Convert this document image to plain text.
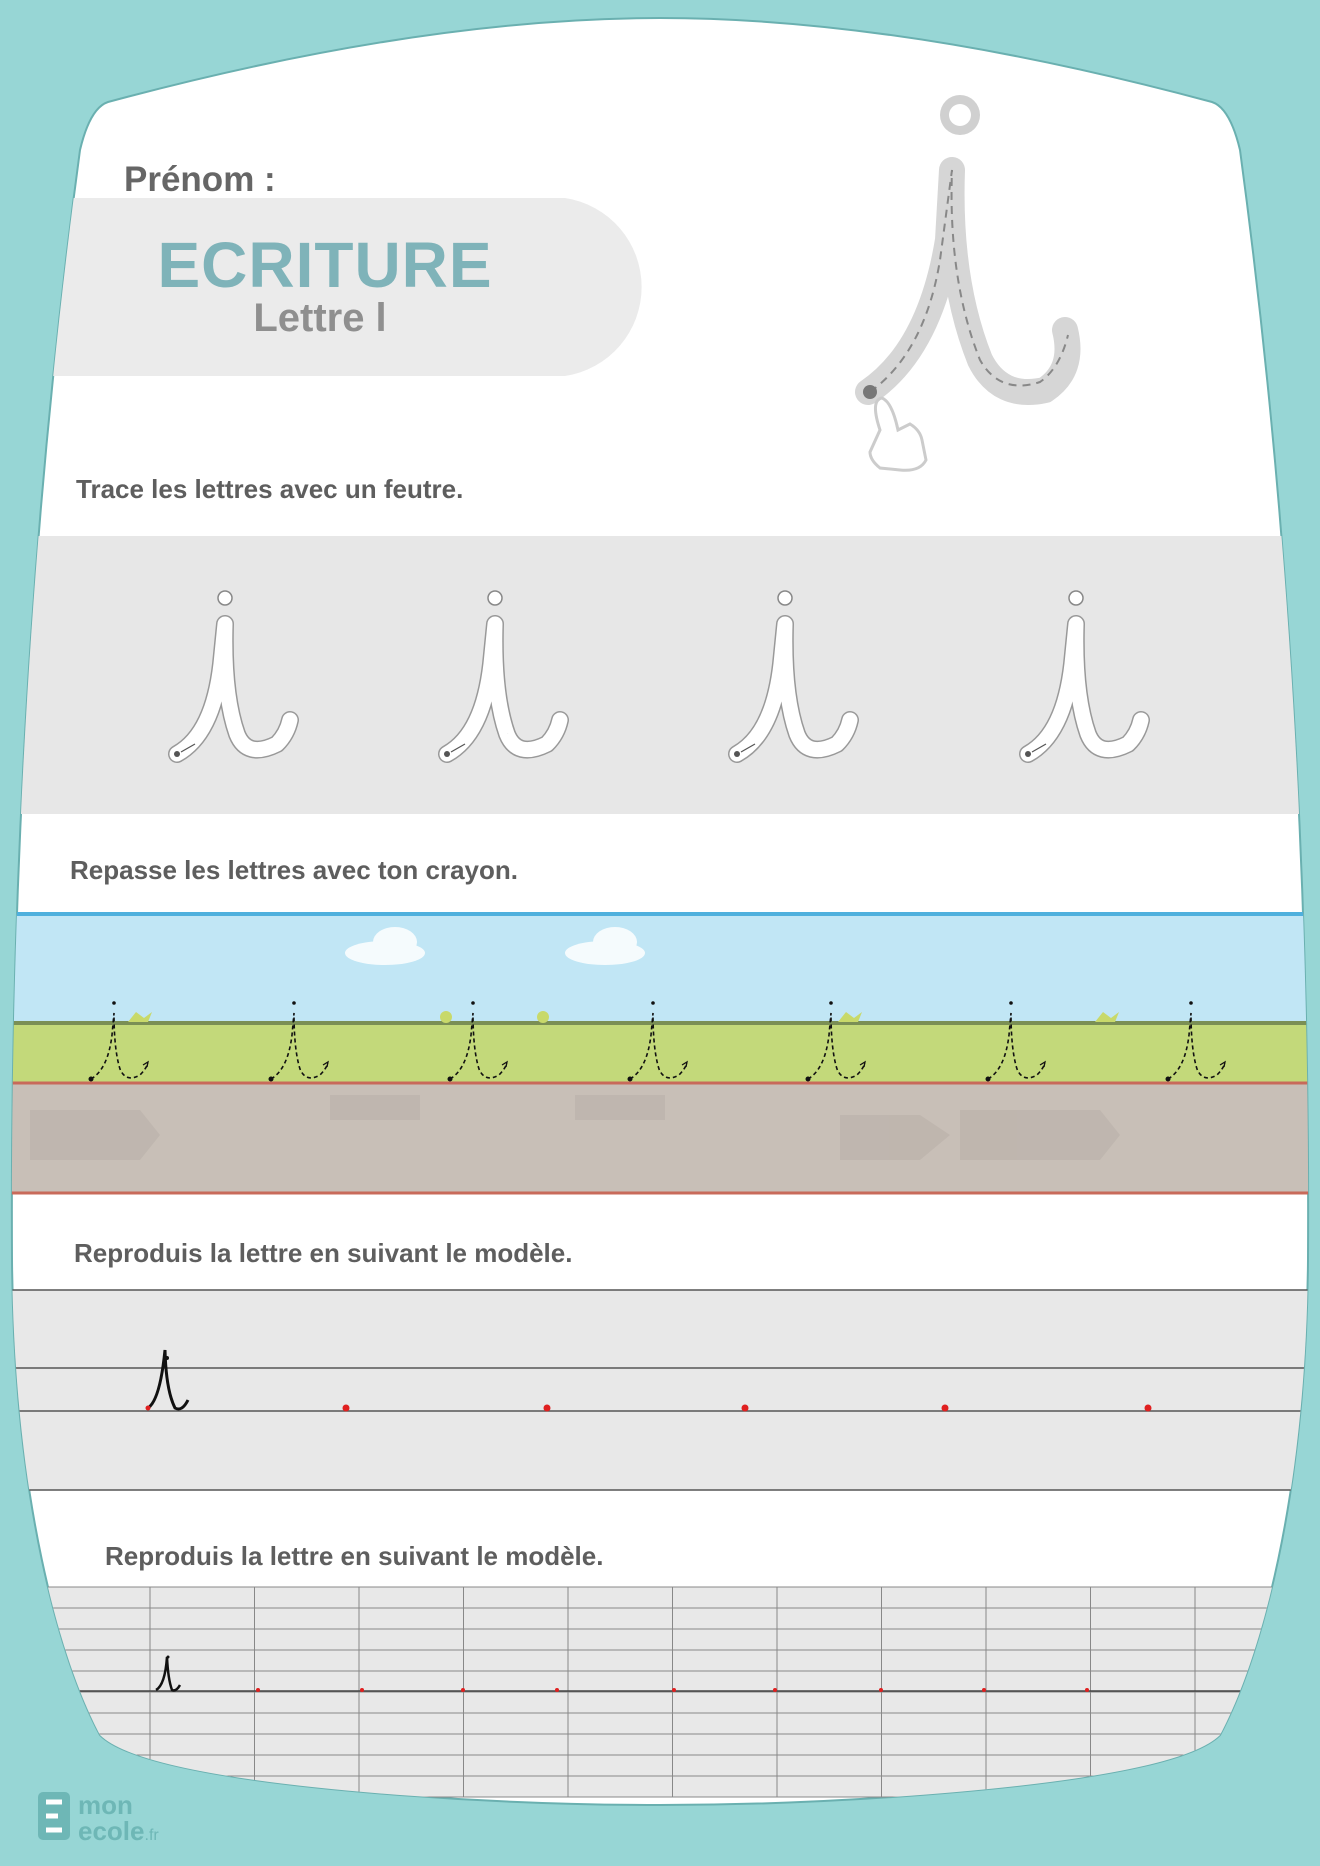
Prénom :
ECRITURE
Lettre l
Trace les lettres avec un feutre.
Repasse les lettres avec ton crayon.
Reproduis la lettre en suivant le modèle.
Reproduis la lettre en suivant le modèle.
mon
ecole.fr
